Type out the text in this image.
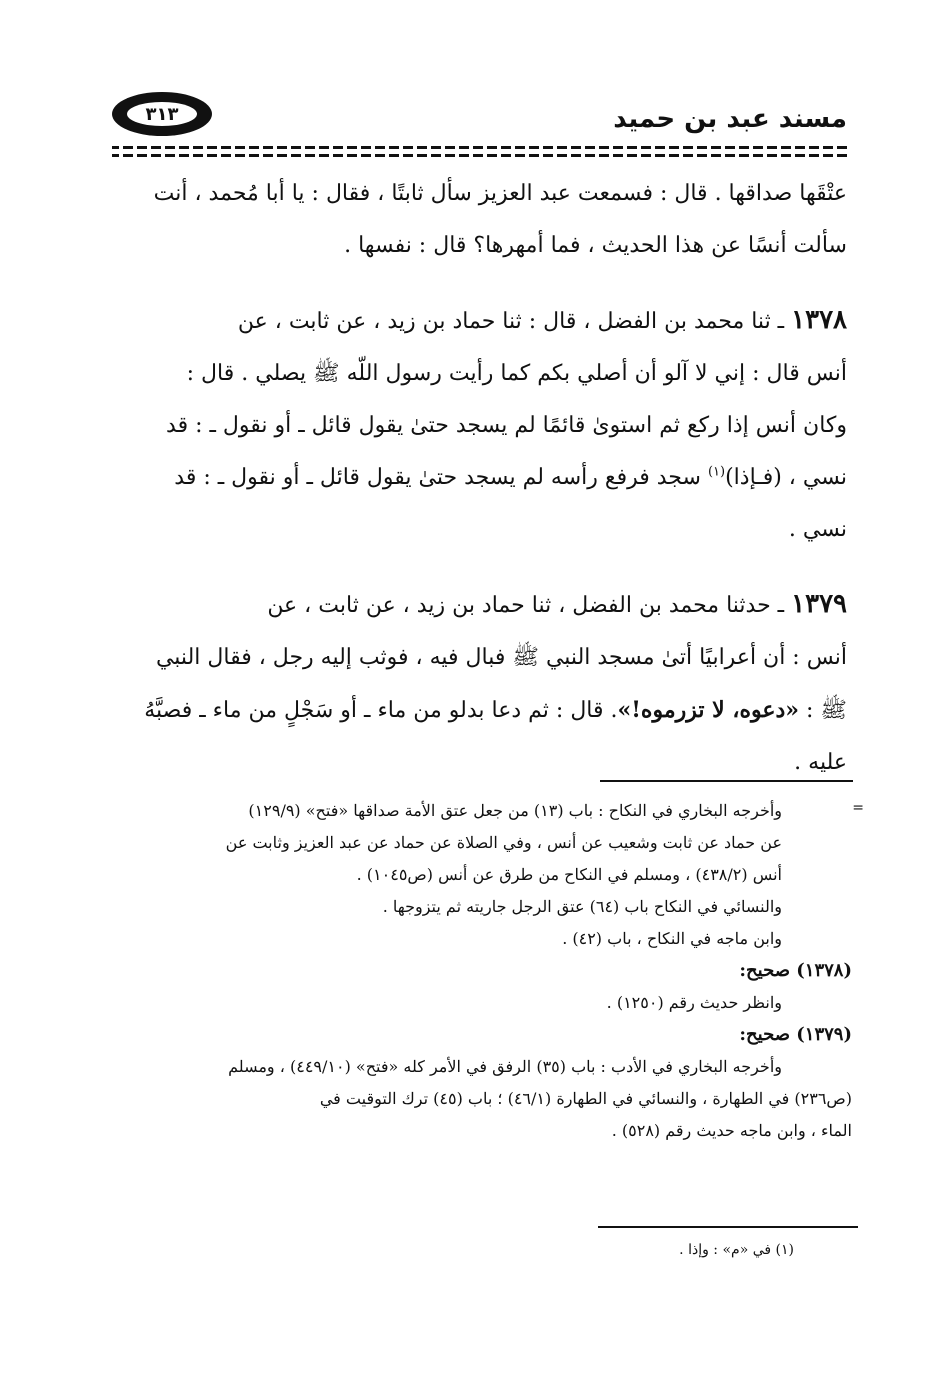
مسند عبد بن حميد
٣١٣

عتْقَها صداقها . قال : فسمعت عبد العزيز سأل ثابتًا ، فقال : يا أبا مُحمد ، أنت

سألت أنسًا عن هذا الحديث ، فما أمهرها؟ قال : نفسها .

١٣٧٨ ـ ثنا محمد بن الفضل ، قال : ثنا حماد بن زيد ، عن ثابت ، عن

أنس قال : إني لا آلو أن أصلي بكم كما رأيت رسول اللّه ﷺ يصلي . قال :

وكان أنس إذا ركع ثم استوىٰ قائمًا لم يسجد حتىٰ يقول قائل ـ أو نقول ـ : قد

نسي ، (فـإذا)$^{(١)}$ سجد فرفع رأسه لم يسجد حتىٰ يقول قائل ـ أو نقول ـ : قد

نسي .

١٣٧٩ ـ حدثنا محمد بن الفضل ، ثنا حماد بن زيد ، عن ثابت ، عن

أنس : أن أعرابيًا أتىٰ مسجد النبي ﷺ فبال فيه ، فوثب إليه رجل ، فقال النبي

ﷺ : «دعوه، لا تزرموه!». قال : ثم دعا بدلو من ماء ـ أو سَجْلٍ من ماء ـ فصبَّهُ

عليه .

=

وأخرجه البخاري في النكاح : باب (١٣) من جعل عتق الأمة صداقها «فتح» (١٢٩/٩)

عن حماد عن ثابت وشعيب عن أنس ، وفي الصلاة عن حماد عن عبد العزيز وثابت عن

أنس (٤٣٨/٢) ، ومسلم في النكاح من طرق عن أنس (ص١٠٤٥) .

والنسائي في النكاح باب (٦٤) عتق الرجل جاريته ثم يتزوجها .

وابن ماجه في النكاح ، باب (٤٢) .

(١٣٧٨) صحيح:

وانظر حديث رقم (١٢٥٠) .

(١٣٧٩) صحيح:

وأخرجه البخاري في الأدب : باب (٣٥) الرفق في الأمر كله «فتح» (٤٤٩/١٠) ، ومسلم

(ص٢٣٦) في الطهارة ، والنسائي في الطهارة (٤٦/١) ؛ باب (٤٥) ترك التوقيت في

الماء ، وابن ماجه حديث رقم (٥٢٨) .

(١) في «م» : وإذا .
